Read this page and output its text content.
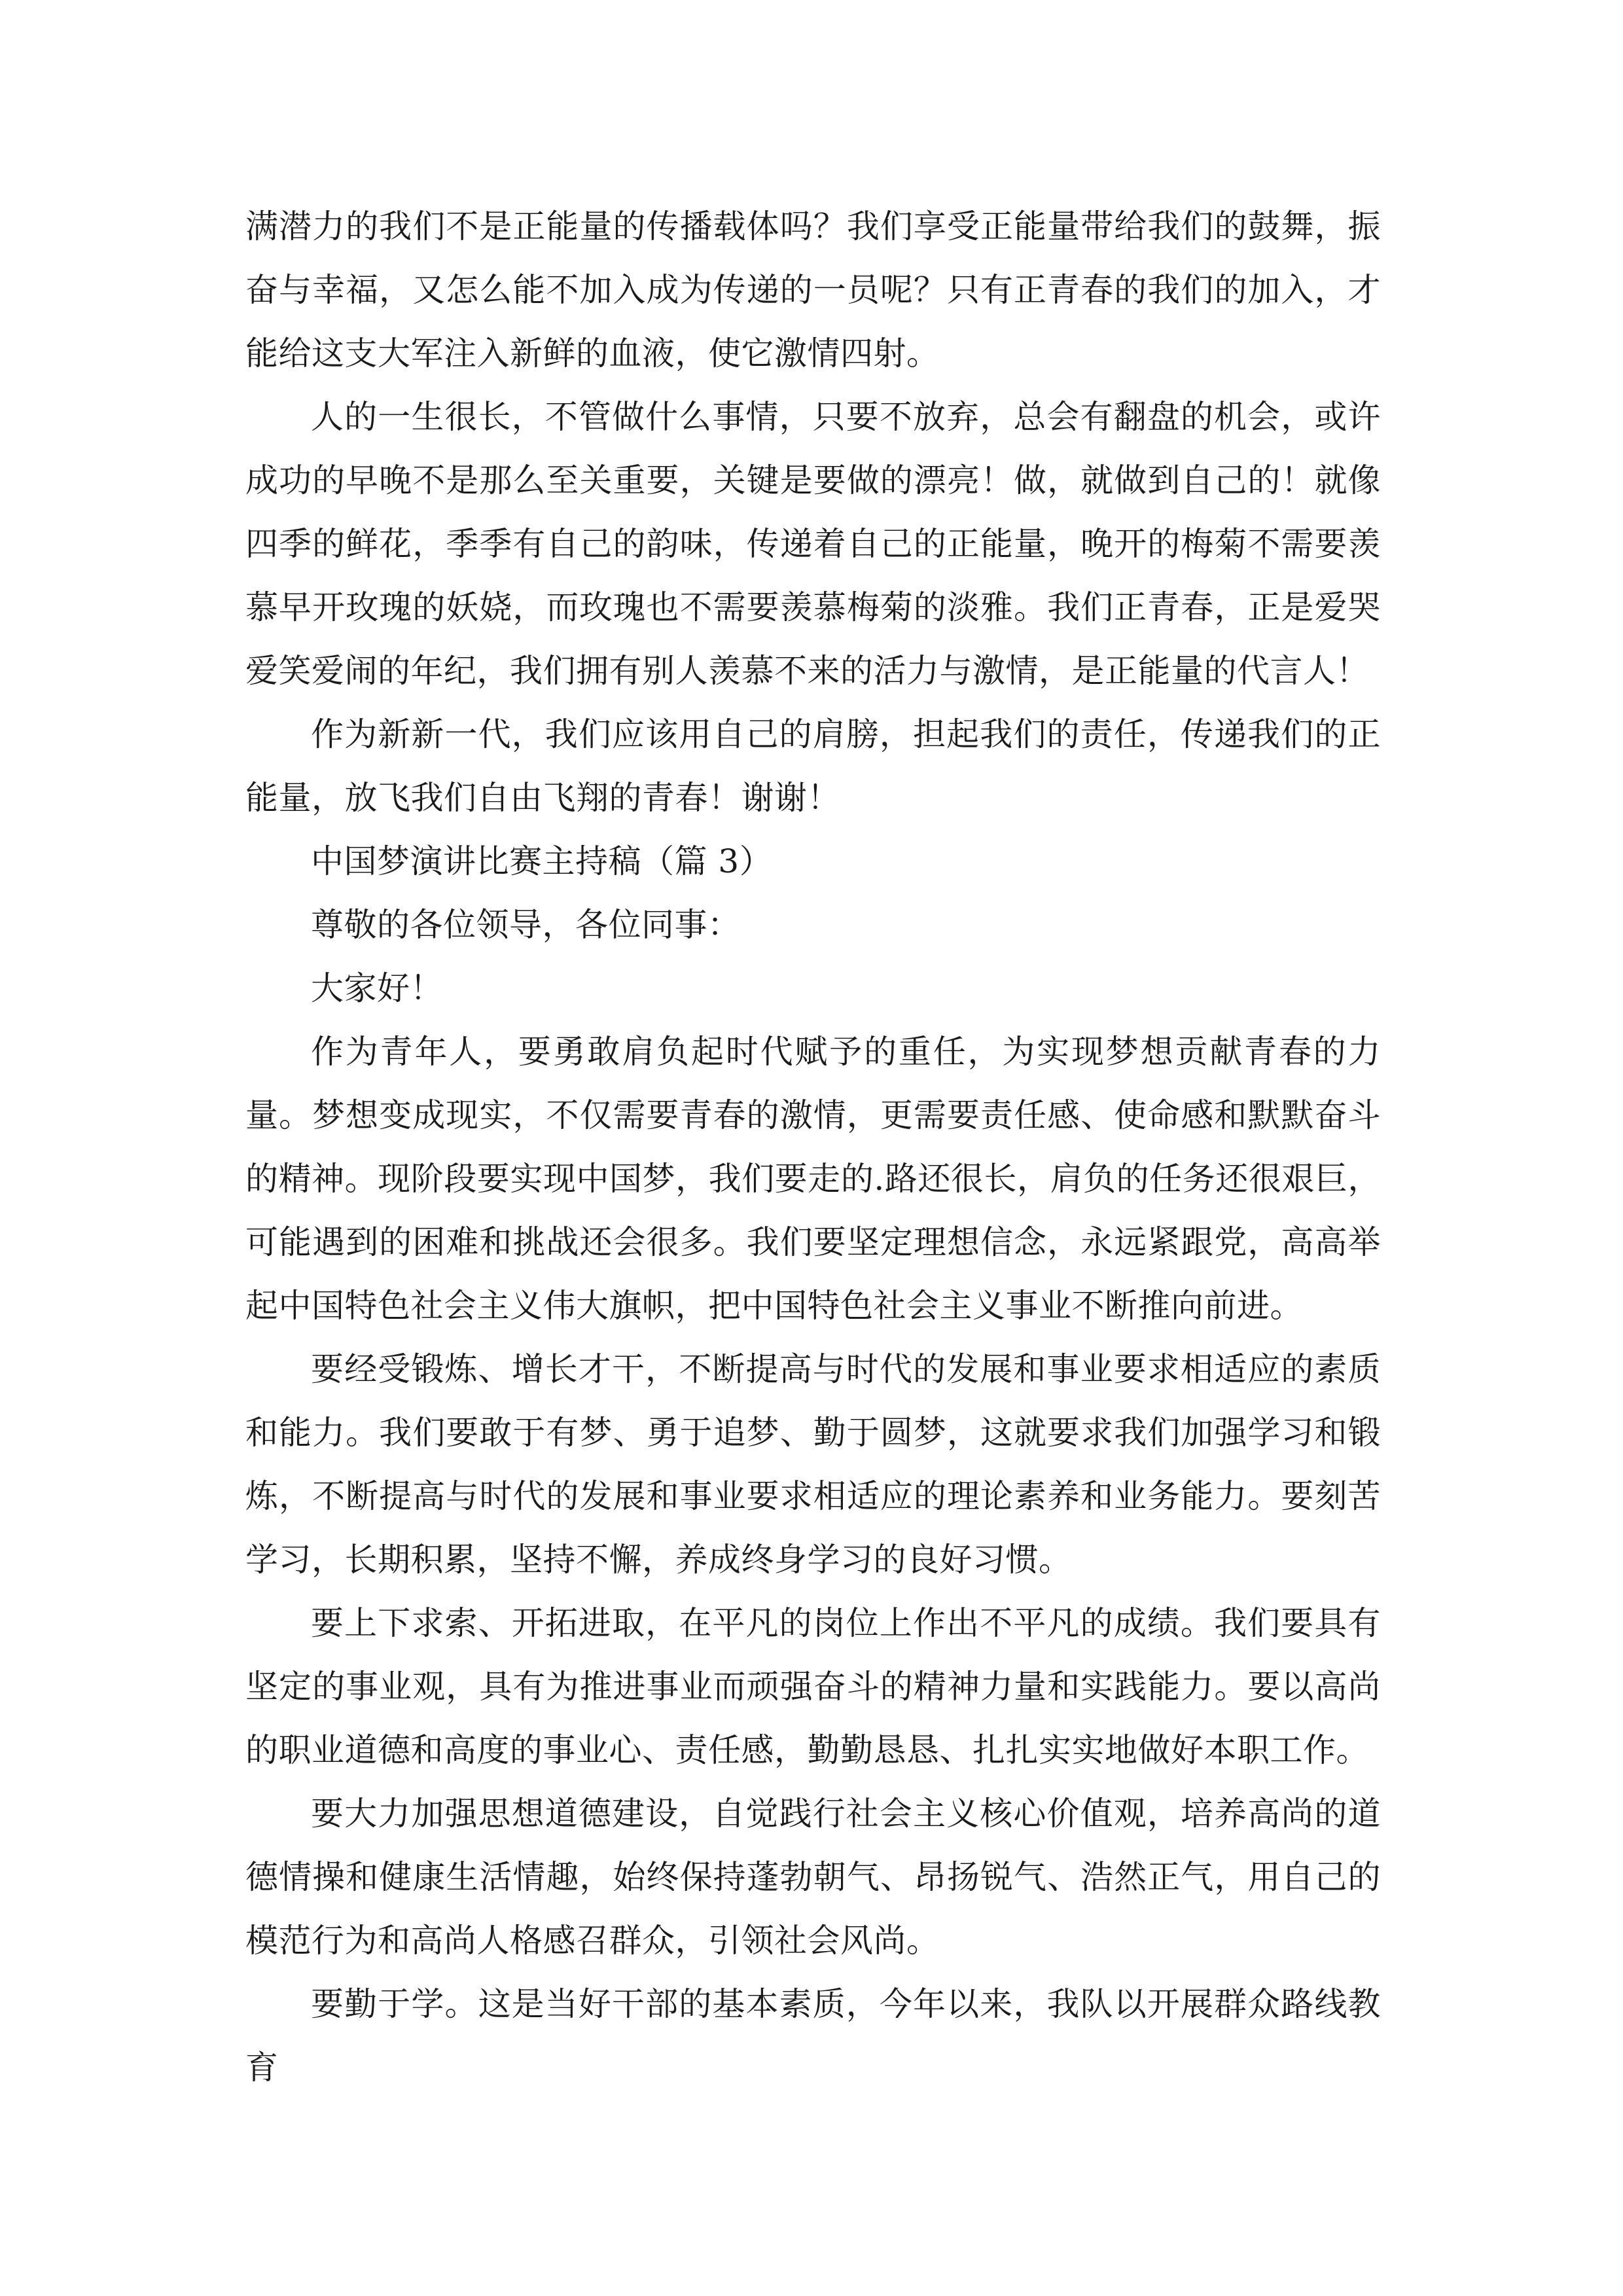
满潜力的我们不是正能量的传播载体吗？我们享受正能量带给我们的鼓舞，振奋与幸福，又怎么能不加入成为传递的一员呢？只有正青春的我们的加入，才能给这支大军注入新鲜的血液，使它激情四射。

人的一生很长，不管做什么事情，只要不放弃，总会有翻盘的机会，或许成功的早晚不是那么至关重要，关键是要做的漂亮！做，就做到自己的！就像四季的鲜花，季季有自己的韵味，传递着自己的正能量，晚开的梅菊不需要羡慕早开玫瑰的妖娆，而玫瑰也不需要羡慕梅菊的淡雅。我们正青春，正是爱哭爱笑爱闹的年纪，我们拥有别人羡慕不来的活力与激情，是正能量的代言人！

作为新新一代，我们应该用自己的肩膀，担起我们的责任，传递我们的正能量，放飞我们自由飞翔的青春！谢谢！

中国梦演讲比赛主持稿（篇 3）

尊敬的各位领导，各位同事：

大家好！

作为青年人，要勇敢肩负起时代赋予的重任，为实现梦想贡献青春的力量。梦想变成现实，不仅需要青春的激情，更需要责任感、使命感和默默奋斗的精神。现阶段要实现中国梦，我们要走的.路还很长，肩负的任务还很艰巨，可能遇到的困难和挑战还会很多。我们要坚定理想信念，永远紧跟党，高高举起中国特色社会主义伟大旗帜，把中国特色社会主义事业不断推向前进。

要经受锻炼、增长才干，不断提高与时代的发展和事业要求相适应的素质和能力。我们要敢于有梦、勇于追梦、勤于圆梦，这就要求我们加强学习和锻炼，不断提高与时代的发展和事业要求相适应的理论素养和业务能力。要刻苦学习，长期积累，坚持不懈，养成终身学习的良好习惯。

要上下求索、开拓进取，在平凡的岗位上作出不平凡的成绩。我们要具有坚定的事业观，具有为推进事业而顽强奋斗的精神力量和实践能力。要以高尚的职业道德和高度的事业心、责任感，勤勤恳恳、扎扎实实地做好本职工作。

要大力加强思想道德建设，自觉践行社会主义核心价值观，培养高尚的道德情操和健康生活情趣，始终保持蓬勃朝气、昂扬锐气、浩然正气，用自己的模范行为和高尚人格感召群众，引领社会风尚。

要勤于学。这是当好干部的基本素质，今年以来，我队以开展群众路线教育
